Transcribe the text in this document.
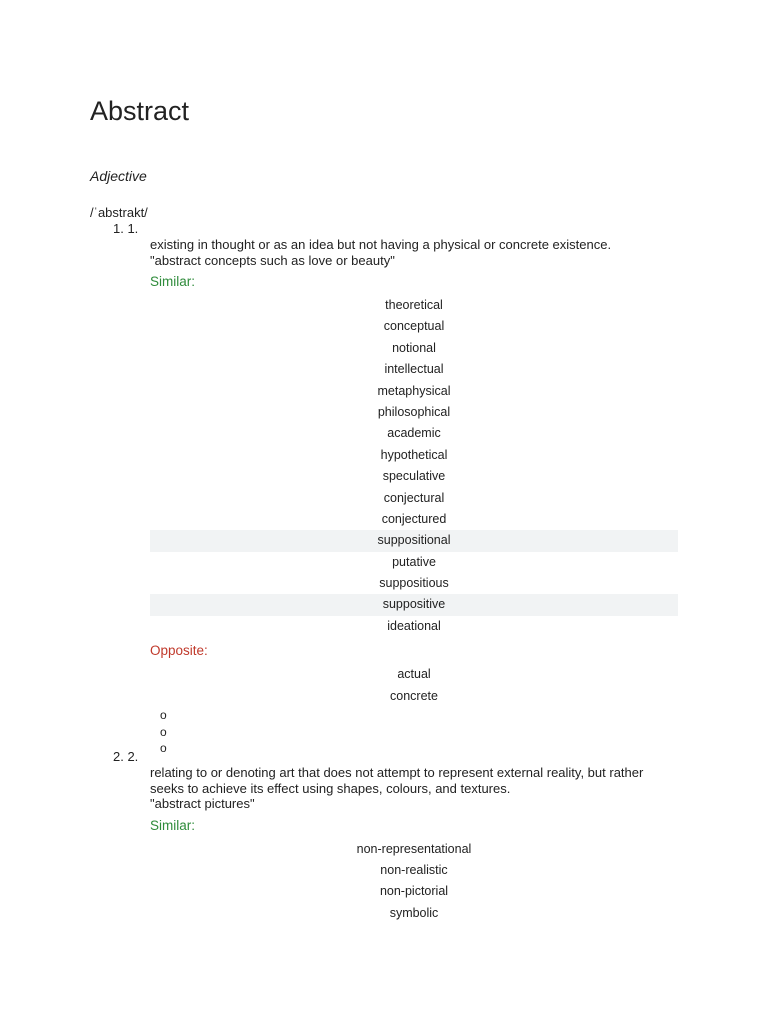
Abstract
Adjective
/ˈabstrakt/
1. 1.

existing in thought or as an idea but not having a physical or concrete existence.

"abstract concepts such as love or beauty"

Similar:
theoretical
conceptual
notional
intellectual
metaphysical
philosophical
academic
hypothetical
speculative
conjectural
conjectured
suppositional
putative
suppositious
suppositive
ideational
Opposite:
actual
concrete
o
o
o
2. 2.

relating to or denoting art that does not attempt to represent external reality, but rather seeks to achieve its effect using shapes, colours, and textures.

"abstract pictures"

Similar:
non-representational
non-realistic
non-pictorial
symbolic
